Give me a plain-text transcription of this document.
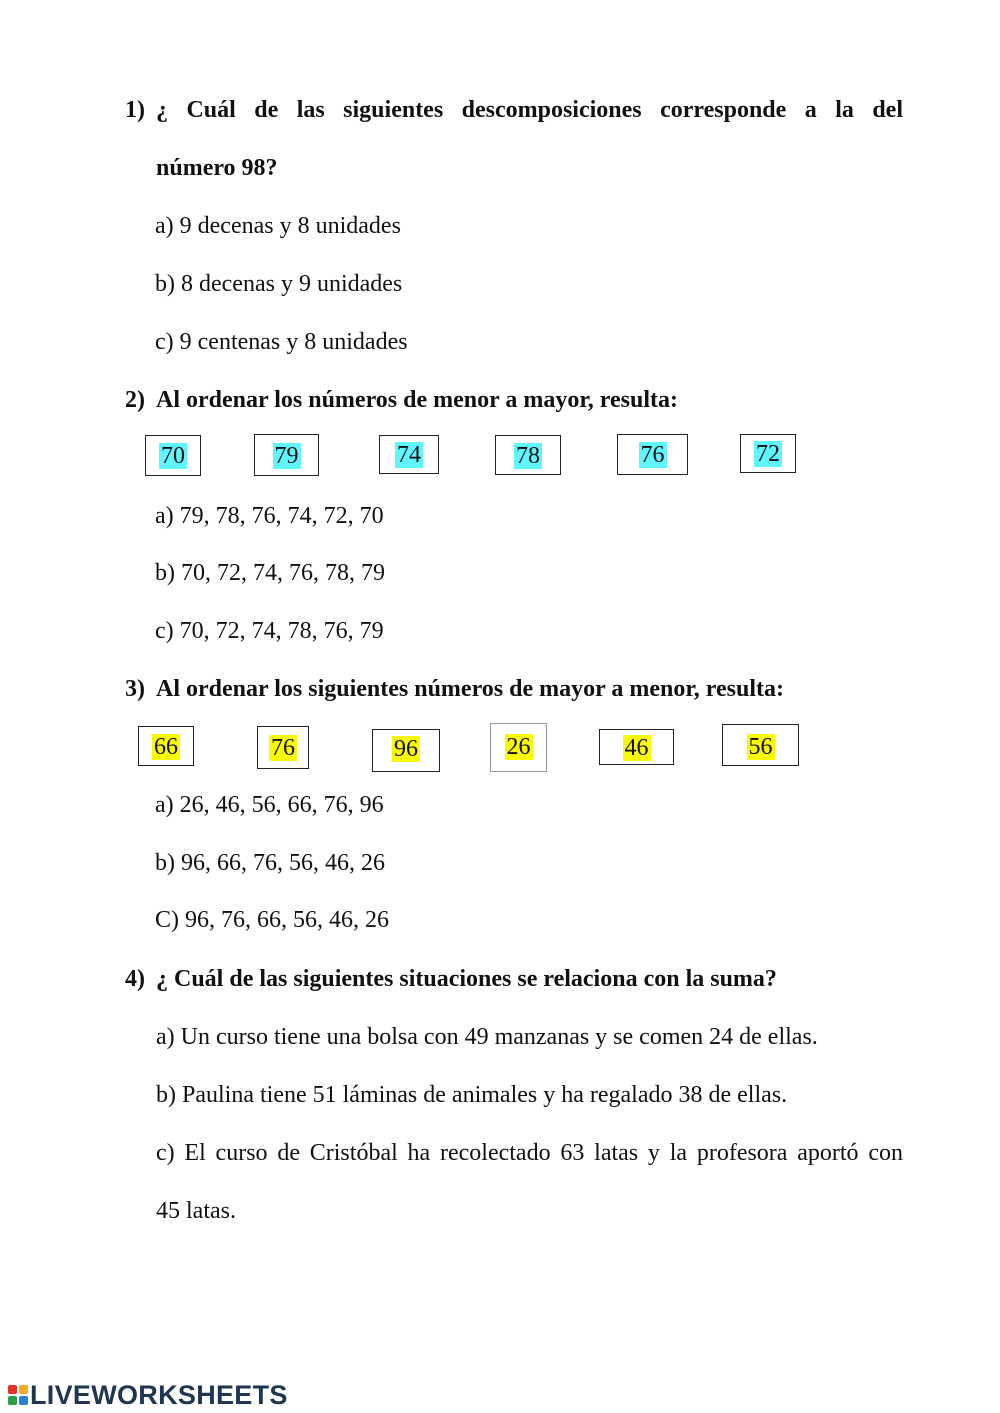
1) ¿ Cuál de las siguientes descomposiciones corresponde a la del
número 98?
a) 9 decenas y 8 unidades
b) 8 decenas y 9 unidades
c) 9 centenas y 8 unidades
2) Al ordenar los números de menor a mayor, resulta:
70	79	74	78	76	72
a) 79, 78, 76, 74, 72, 70
b) 70, 72, 74, 76, 78, 79
c) 70, 72, 74, 78, 76, 79
3) Al ordenar los siguientes números de mayor a menor, resulta:
66	76	96	26	46	56
a) 26, 46, 56, 66, 76, 96
b) 96, 66, 76, 56, 46, 26
C) 96, 76, 66, 56, 46, 26
4) ¿ Cuál de las siguientes situaciones se relaciona con la suma?
a) Un curso tiene una bolsa con 49 manzanas y se comen 24 de ellas.
b) Paulina tiene 51 láminas de animales y ha regalado 38 de ellas.
c) El curso de Cristóbal ha recolectado 63 latas y la profesora aportó con
45 latas.
LIVEWORKSHEETS
